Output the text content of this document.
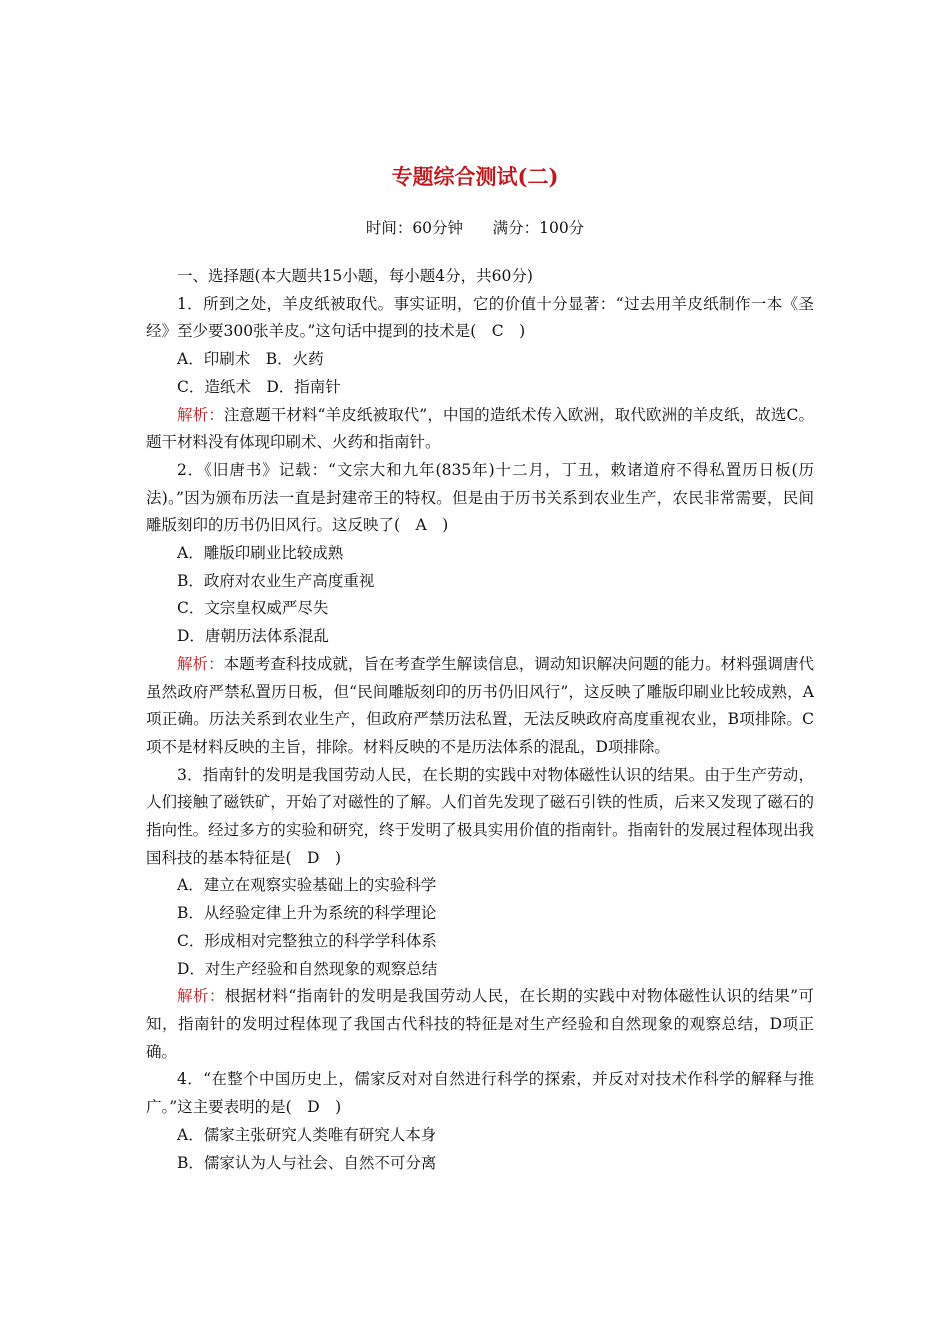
专题综合测试(二)
时间：60分钟      满分：100分

一、选择题(本大题共15小题，每小题4分，共60分)

1．所到之处，羊皮纸被取代。事实证明，它的价值十分显著：“过去用羊皮纸制作一本《圣经》至少要300张羊皮。”这句话中提到的技术是(　C　)

A．印刷术　B．火药

C．造纸术　D．指南针

解析：注意题干材料“羊皮纸被取代”，中国的造纸术传入欧洲，取代欧洲的羊皮纸，故选C。题干材料没有体现印刷术、火药和指南针。

2．《旧唐书》记载：“文宗大和九年(835年)十二月，丁丑，敕诸道府不得私置历日板(历法)。”因为颁布历法一直是封建帝王的特权。但是由于历书关系到农业生产，农民非常需要，民间雕版刻印的历书仍旧风行。这反映了(　A　)

A．雕版印刷业比较成熟

B．政府对农业生产高度重视

C．文宗皇权威严尽失

D．唐朝历法体系混乱

解析：本题考查科技成就，旨在考查学生解读信息，调动知识解决问题的能力。材料强调唐代虽然政府严禁私置历日板，但“民间雕版刻印的历书仍旧风行”，这反映了雕版印刷业比较成熟，A项正确。历法关系到农业生产，但政府严禁历法私置，无法反映政府高度重视农业，B项排除。C项不是材料反映的主旨，排除。材料反映的不是历法体系的混乱，D项排除。

3．指南针的发明是我国劳动人民，在长期的实践中对物体磁性认识的结果。由于生产劳动，人们接触了磁铁矿，开始了对磁性的了解。人们首先发现了磁石引铁的性质，后来又发现了磁石的指向性。经过多方的实验和研究，终于发明了极具实用价值的指南针。指南针的发展过程体现出我国科技的基本特征是(　D　)

A．建立在观察实验基础上的实验科学

B．从经验定律上升为系统的科学理论

C．形成相对完整独立的科学学科体系

D．对生产经验和自然现象的观察总结

解析：根据材料“指南针的发明是我国劳动人民，在长期的实践中对物体磁性认识的结果”可知，指南针的发明过程体现了我国古代科技的特征是对生产经验和自然现象的观察总结，D项正确。

4．“在整个中国历史上，儒家反对对自然进行科学的探索，并反对对技术作科学的解释与推广。”这主要表明的是(　D　)

A．儒家主张研究人类唯有研究人本身

B．儒家认为人与社会、自然不可分离
